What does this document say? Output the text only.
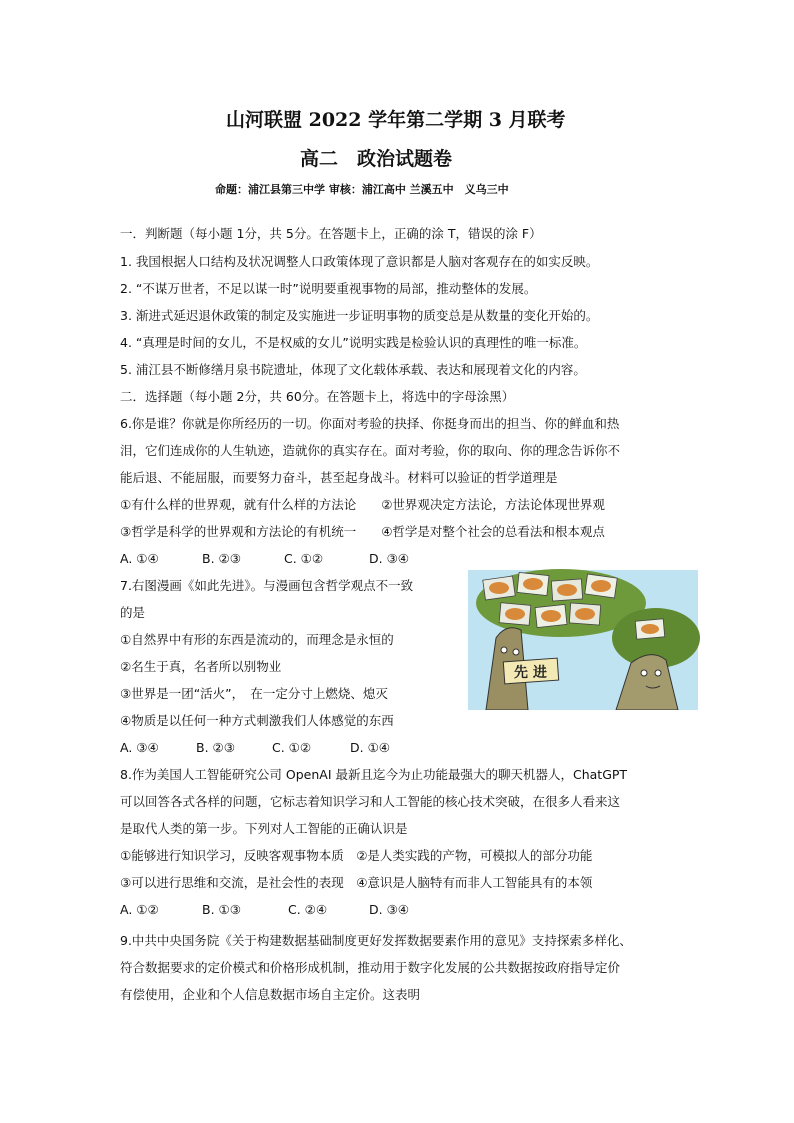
山河联盟 2022 学年第二学期 3 月联考
高二　政治试题卷
命题：浦江县第三中学 审核：浦江高中 兰溪五中　义乌三中
一．判断题（每小题 1分，共 5分。在答题卡上，正确的涂 T，错误的涂 F）
1. 我国根据人口结构及状况调整人口政策体现了意识都是人脑对客观存在的如实反映。
2. “不谋万世者，不足以谋一时”说明要重视事物的局部，推动整体的发展。
3. 渐进式延迟退休政策的制定及实施进一步证明事物的质变总是从数量的变化开始的。
4. “真理是时间的女儿，不是权威的女儿”说明实践是检验认识的真理性的唯一标准。
5. 浦江县不断修缮月泉书院遗址，体现了文化载体承载、表达和展现着文化的内容。
二．选择题（每小题 2分，共 60分。在答题卡上，将选中的字母涂黑）
6.你是谁？你就是你所经历的一切。你面对考验的抉择、你挺身而出的担当、你的鲜血和热
泪，它们连成你的人生轨迹，造就你的真实存在。面对考验，你的取向、你的理念告诉你不
能后退、不能屈服，而要努力奋斗，甚至起身战斗。材料可以验证的哲学道理是
①有什么样的世界观，就有什么样的方法论　　②世界观决定方法论，方法论体现世界观
③哲学是科学的世界观和方法论的有机统一　　④哲学是对整个社会的总看法和根本观点
A. ①④	B. ②③	C. ①②	D. ③④
7.右图漫画《如此先进》。与漫画包含哲学观点不一致
的是
①自然界中有形的东西是流动的，而理念是永恒的
②名生于真，名者所以别物业
③世界是一团“活火”，　在一定分寸上燃烧、熄灭
④物质是以任何一种方式刺激我们人体感觉的东西
A. ③④	B. ②③	C. ①②	D. ①④
先 进
8.作为美国人工智能研究公司 OpenAI 最新且迄今为止功能最强大的聊天机器人，ChatGPT
可以回答各式各样的问题，它标志着知识学习和人工智能的核心技术突破，在很多人看来这
是取代人类的第一步。下列对人工智能的正确认识是
①能够进行知识学习，反映客观事物本质　②是人类实践的产物，可模拟人的部分功能
③可以进行思维和交流，是社会性的表现　④意识是人脑特有而非人工智能具有的本领
A. ①②	B. ①③	C. ②④	D. ③④
9.中共中央国务院《关于构建数据基础制度更好发挥数据要素作用的意见》支持探索多样化、
符合数据要求的定价模式和价格形成机制，推动用于数字化发展的公共数据按政府指导定价
有偿使用，企业和个人信息数据市场自主定价。这表明
